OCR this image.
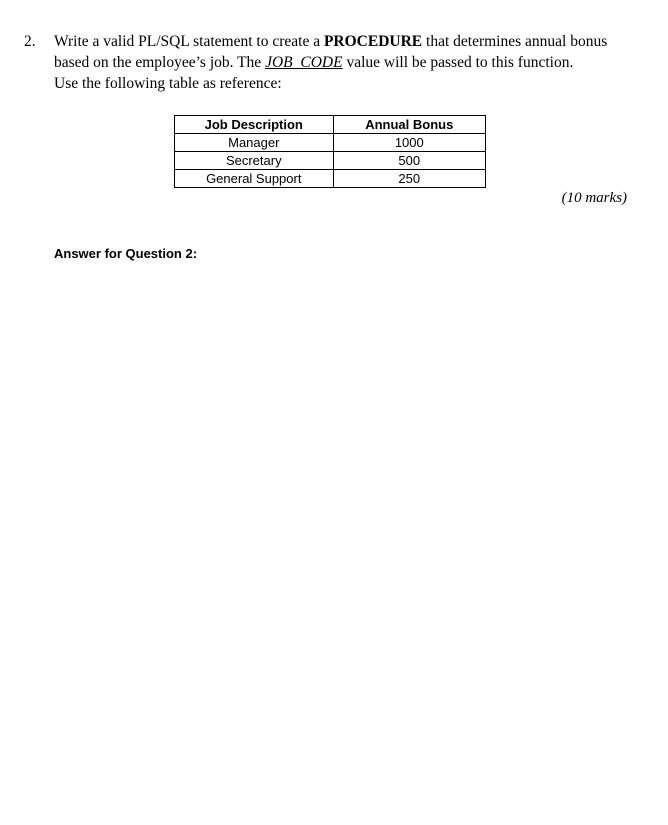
2. Write a valid PL/SQL statement to create a PROCEDURE that determines annual bonus based on the employee’s job. The JOB_CODE value will be passed to this function.
Use the following table as reference:
Job Description	Annual Bonus
Manager	1000
Secretary	500
General Support	250
(10 marks)
Answer for Question 2:
